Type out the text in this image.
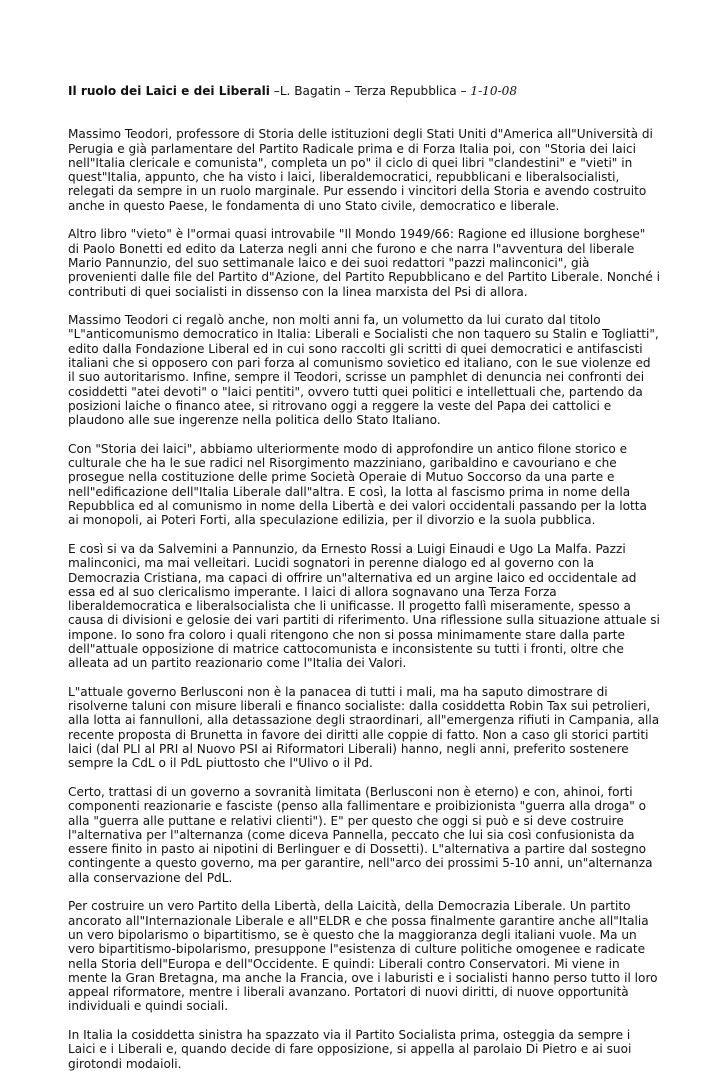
Il ruolo dei Laici e dei Liberali –L. Bagatin – Terza Repubblica – 1-10-08

Massimo Teodori, professore di Storia delle istituzioni degli Stati Uniti d"America all"Università di Perugia e già parlamentare del Partito Radicale prima e di Forza Italia poi, con "Storia dei laici nell"Italia clericale e comunista", completa un po" il ciclo di quei libri "clandestini" e "vieti" in quest"Italia, appunto, che ha visto i laici, liberaldemocratici, repubblicani e liberalsocialisti, relegati da sempre in un ruolo marginale. Pur essendo i vincitori della Storia e avendo costruito anche in questo Paese, le fondamenta di uno Stato civile, democratico e liberale.

Altro libro "vieto" è l"ormai quasi introvabile "Il Mondo 1949/66: Ragione ed illusione borghese" di Paolo Bonetti ed edito da Laterza negli anni che furono e che narra l"avventura del liberale Mario Pannunzio, del suo settimanale laico e dei suoi redattori "pazzi malinconici", già provenienti dalle file del Partito d"Azione, del Partito Repubblicano e del Partito Liberale. Nonché i contributi di quei socialisti in dissenso con la linea marxista del Psi di allora.

Massimo Teodori ci regalò anche, non molti anni fa, un volumetto da lui curato dal titolo "L"anticomunismo democratico in Italia: Liberali e Socialisti che non taquero su Stalin e Togliatti", edito dalla Fondazione Liberal ed in cui sono raccolti gli scritti di quei democratici e antifascisti italiani che si opposero con pari forza al comunismo sovietico ed italiano, con le sue violenze ed il suo autoritarismo. Infine, sempre il Teodori, scrisse un pamphlet di denuncia nei confronti dei cosiddetti "atei devoti" o "laici pentiti", ovvero tutti quei politici e intellettuali che, partendo da posizioni laiche o financo atee, si ritrovano oggi a reggere la veste del Papa dei cattolici e plaudono alle sue ingerenze nella politica dello Stato Italiano.

Con "Storia dei laici", abbiamo ulteriormente modo di approfondire un antico filone storico e culturale che ha le sue radici nel Risorgimento mazziniano, garibaldino e cavouriano e che prosegue nella costituzione delle prime Società Operaie di Mutuo Soccorso da una parte e nell"edificazione dell"Italia Liberale dall"altra. E così, la lotta al fascismo prima in nome della Repubblica ed al comunismo in nome della Libertà e dei valori occidentali passando per la lotta ai monopoli, ai Poteri Forti, alla speculazione edilizia, per il divorzio e la suola pubblica.

E così si va da Salvemini a Pannunzio, da Ernesto Rossi a Luigi Einaudi e Ugo La Malfa. Pazzi malinconici, ma mai velleitari. Lucidi sognatori in perenne dialogo ed al governo con la Democrazia Cristiana, ma capaci di offrire un"alternativa ed un argine laico ed occidentale ad essa ed al suo clericalismo imperante. I laici di allora sognavano una Terza Forza liberaldemocratica e liberalsocialista che li unificasse. Il progetto fallì miseramente, spesso a causa di divisioni e gelosie dei vari partiti di riferimento. Una riflessione sulla situazione attuale si impone. Io sono fra coloro i quali ritengono che non si possa minimamente stare dalla parte dell"attuale opposizione di matrice cattocomunista e inconsistente su tutti i fronti, oltre che alleata ad un partito reazionario come l"Italia dei Valori.

L"attuale governo Berlusconi non è la panacea di tutti i mali, ma ha saputo dimostrare di risolverne taluni con misure liberali e financo socialiste: dalla cosiddetta Robin Tax sui petrolieri, alla lotta ai fannulloni, alla detassazione degli straordinari, all"emergenza rifiuti in Campania, alla recente proposta di Brunetta in favore dei diritti alle coppie di fatto. Non a caso gli storici partiti laici (dal PLI al PRI al Nuovo PSI ai Riformatori Liberali) hanno, negli anni, preferito sostenere sempre la CdL o il PdL piuttosto che l"Ulivo o il Pd.

Certo, trattasi di un governo a sovranità limitata (Berlusconi non è eterno) e con, ahinoi, forti componenti reazionarie e fasciste (penso alla fallimentare e proibizionista "guerra alla droga" o alla "guerra alle puttane e relativi clienti"). E" per questo che oggi si può e si deve costruire l"alternativa per l"alternanza (come diceva Pannella, peccato che lui sia così confusionista da essere finito in pasto ai nipotini di Berlinguer e di Dossetti). L"alternativa a partire dal sostegno contingente a questo governo, ma per garantire, nell"arco dei prossimi 5-10 anni, un"alternanza alla conservazione del PdL.

Per costruire un vero Partito della Libertà, della Laicità, della Democrazia Liberale. Un partito ancorato all"Internazionale Liberale e all"ELDR e che possa finalmente garantire anche all"Italia un vero bipolarismo o bipartitismo, se è questo che la maggioranza degli italiani vuole. Ma un vero bipartitismo-bipolarismo, presuppone l"esistenza di culture politiche omogenee e radicate nella Storia dell"Europa e dell"Occidente. E quindi: Liberali contro Conservatori. Mi viene in mente la Gran Bretagna, ma anche la Francia, ove i laburisti e i socialisti hanno perso tutto il loro appeal riformatore, mentre i liberali avanzano. Portatori di nuovi diritti, di nuove opportunità individuali e quindi sociali.

In Italia la cosiddetta sinistra ha spazzato via il Partito Socialista prima, osteggia da sempre i Laici e i Liberali e, quando decide di fare opposizione, si appella al parolaio Di Pietro e ai suoi girotondi modaioli.
